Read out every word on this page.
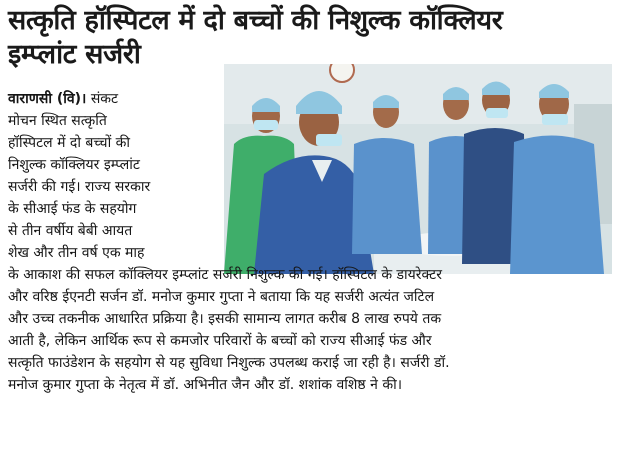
सत्कृति हॉस्पिटल में दो बच्चों की निशुल्क कॉक्लियर
इम्प्लांट सर्जरी
वाराणसी (वि)। संकट
मोचन स्थित सत्कृति
हॉस्पिटल में दो बच्चों की
निशुल्क कॉक्लियर इम्प्लांट
सर्जरी की गई। राज्य सरकार
के सीआई फंड के सहयोग
से तीन वर्षीय बेबी आयत
शेख और तीन वर्ष एक माह
के आकाश की सफल कॉक्लियर इम्प्लांट सर्जरी निशुल्क की गई। हॉस्पिटल के डायरेक्टर
और वरिष्ठ ईएनटी सर्जन डॉ. मनोज कुमार गुप्ता ने बताया कि यह सर्जरी अत्यंत जटिल
और उच्च तकनीक आधारित प्रक्रिया है। इसकी सामान्य लागत करीब 8 लाख रुपये तक
आती है, लेकिन आर्थिक रूप से कमजोर परिवारों के बच्चों को राज्य सीआई फंड और
सत्कृति फाउंडेशन के सहयोग से यह सुविधा निशुल्क उपलब्ध कराई जा रही है। सर्जरी डॉ.
मनोज कुमार गुप्ता के नेतृत्व में डॉ. अभिनीत जैन और डॉ. शशांक वशिष्ठ ने की।
